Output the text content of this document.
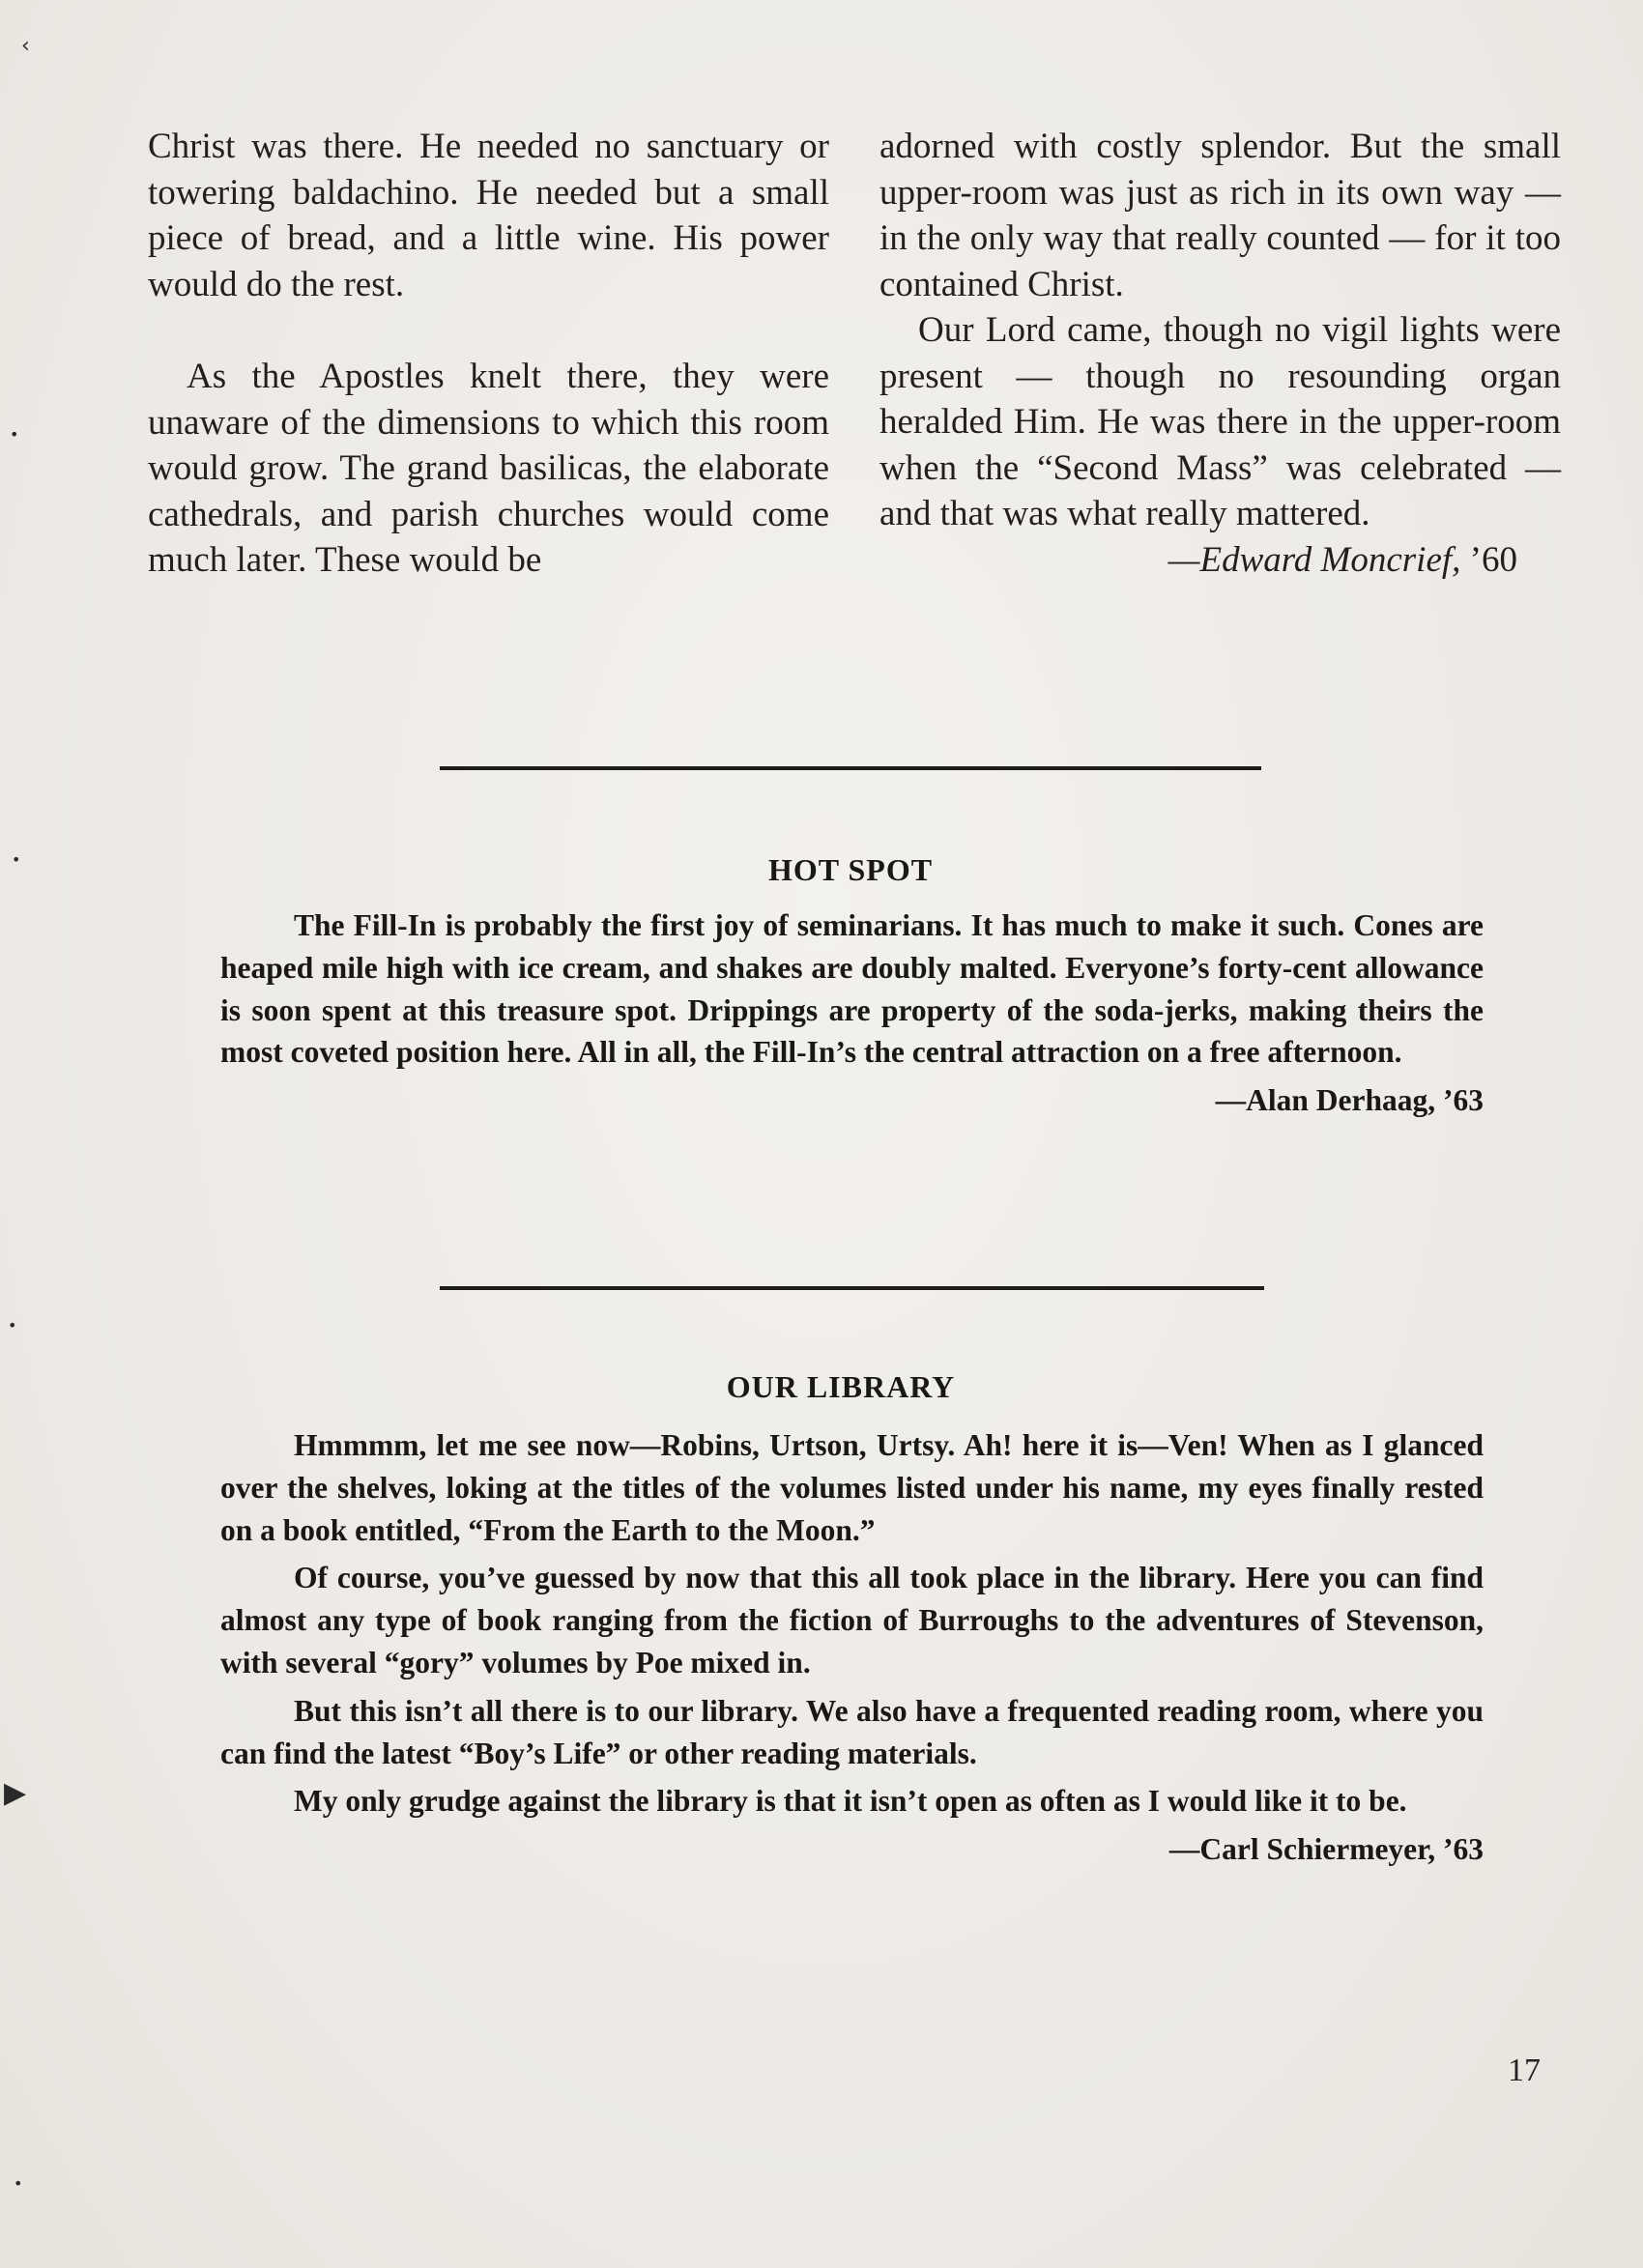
‹
•
•
•
▶
•

Christ was there. He needed no sanctuary or towering baldachino. He needed but a small piece of bread, and a little wine. His power would do the rest.

As the Apostles knelt there, they were unaware of the dimensions to which this room would grow. The grand basilicas, the elaborate cathedrals, and parish churches would come much later. These would be

adorned with costly splendor. But the small upper-room was just as rich in its own way — in the only way that really counted — for it too contained Christ.

Our Lord came, though no vigil lights were present — though no resounding organ heralded Him. He was there in the upper-room when the “Second Mass” was celebrated — and that was what really mattered.

—Edward Moncrief, ’60

HOT SPOT

The Fill-In is probably the first joy of seminarians. It has much to make it such. Cones are heaped mile high with ice cream, and shakes are doubly malted. Everyone’s forty-cent allowance is soon spent at this treasure spot. Drippings are property of the soda-jerks, making theirs the most coveted position here. All in all, the Fill-In’s the central attraction on a free afternoon.

—Alan Derhaag, ’63

OUR LIBRARY

Hmmmm, let me see now—Robins, Urtson, Urtsy. Ah! here it is—Ven! When as I glanced over the shelves, loking at the titles of the volumes listed under his name, my eyes finally rested on a book entitled, “From the Earth to the Moon.”

Of course, you’ve guessed by now that this all took place in the library. Here you can find almost any type of book ranging from the fiction of Burroughs to the adventures of Stevenson, with several “gory” volumes by Poe mixed in.

But this isn’t all there is to our library. We also have a frequented reading room, where you can find the latest “Boy’s Life” or other reading materials.

My only grudge against the library is that it isn’t open as often as I would like it to be.

—Carl Schiermeyer, ’63

17
